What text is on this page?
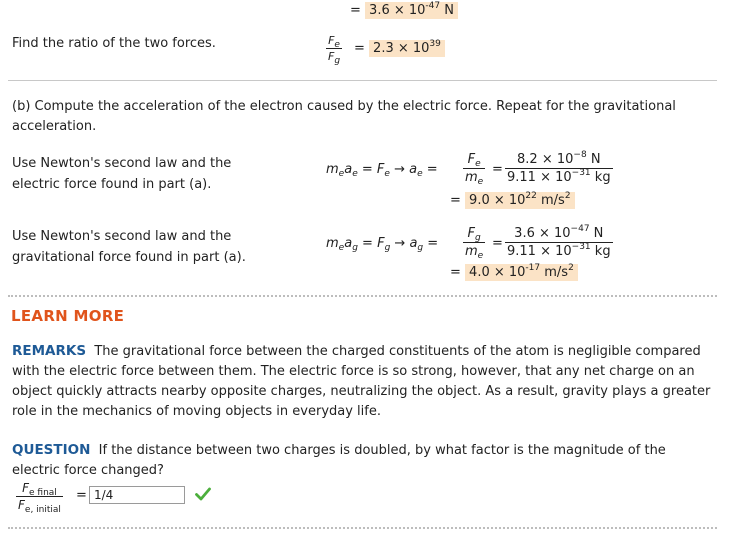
= $3.6 \times 10^{-47}$ N
Find the ratio of the two forces.	$F_e$
$F_g$
= $2.3 \times 10^{39}$
(b) Compute the acceleration of the electron caused by the electric force. Repeat for the gravitational acceleration.
Use Newton's second law and the
electric force found in part (a).
$m_ea_e = F_e \to a_e$ =
$F_e$
$m_e$
=
$8.2 \times 10^{-8}$ N
$9.11 \times 10^{-31}$ kg
= $9.0 \times 10^{22}$ $m/s^2$
Use Newton's second law and the
gravitational force found in part (a).
$m_ea_g = F_g \to a_g$ =
$F_g$
$m_e$
=
$3.6 \times 10^{-47}$ N
$9.11 \times 10^{-31}$ kg
= $4.0 \times 10^{-17}$ $m/s^2$
LEARN MORE
REMARKS The gravitational force between the charged constituents of the atom is negligible compared with the electric force between them. The electric force is so strong, however, that any net charge on an object quickly attracts nearby opposite charges, neutralizing the object. As a result, gravity plays a greater role in the mechanics of moving objects in everyday life.
QUESTION If the distance between two charges is doubled, by what factor is the magnitude of the electric force changed?
$F_{e final}$
$F_{e, initial}$
= 1/4
